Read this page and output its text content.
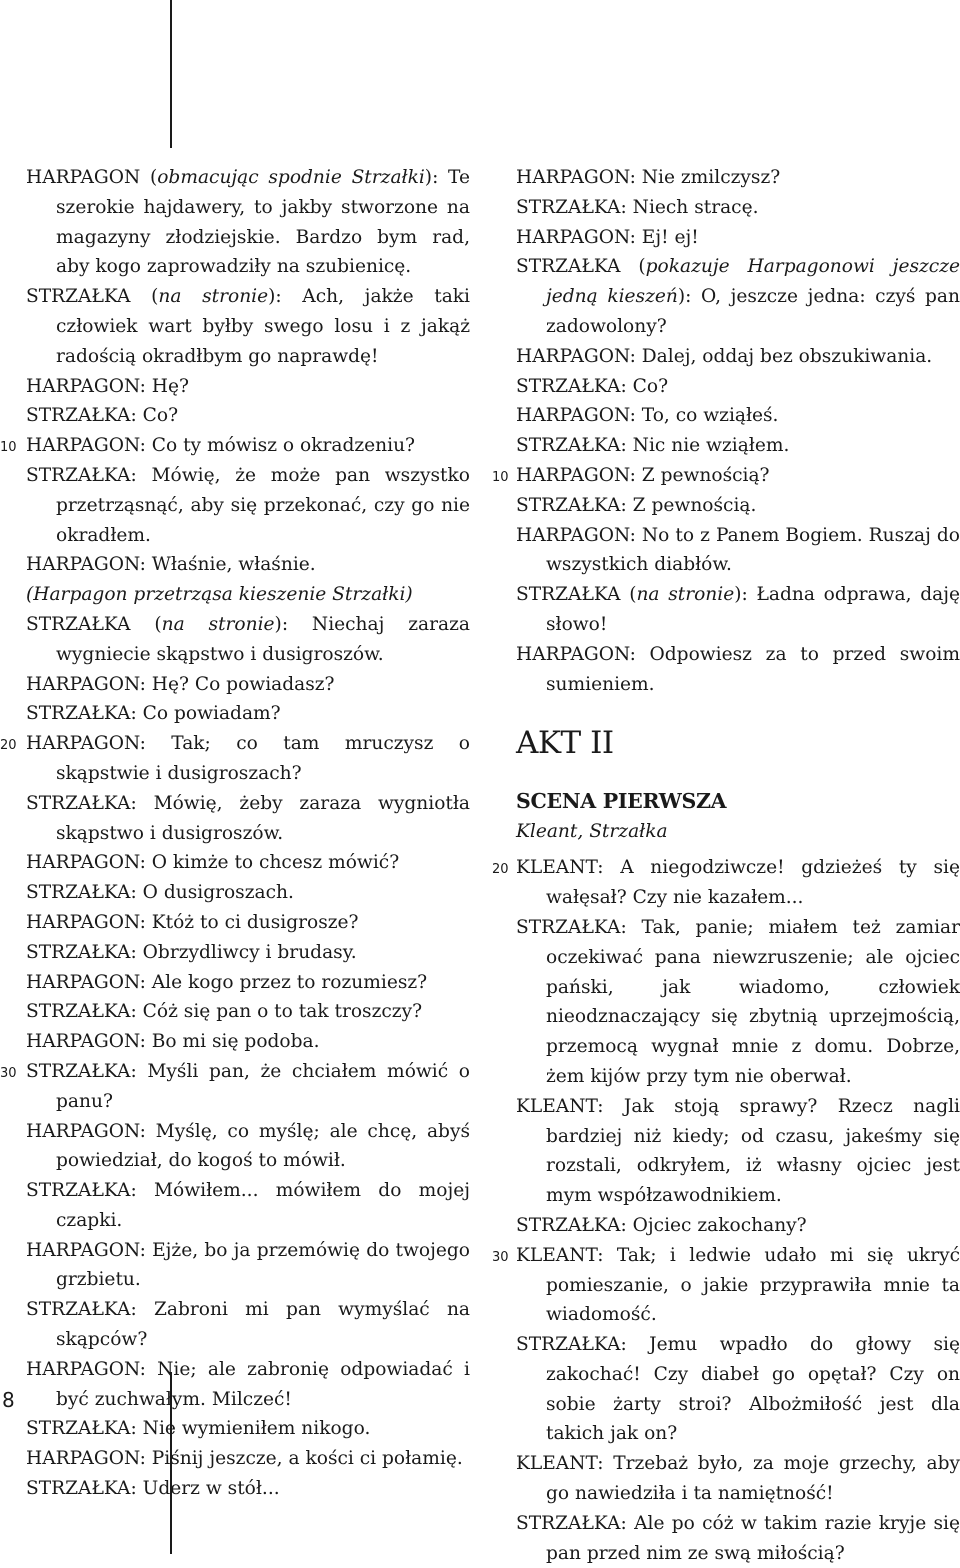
HARPAGON (obmacując spodnie Strzałki): Te szerokie hajdawery, to jakby stworzone na magazyny złodziejskie. Bardzo bym rad, aby kogo zaprowadziły na szubienicę.
STRZAŁKA (na stronie): Ach, jakże taki człowiek wart byłby swego losu i z jakąż radością okradłbym go naprawdę!
HARPAGON: Hę?
STRZAŁKA: Co?
HARPAGON: Co ty mówisz o okradzeniu?
10
STRZAŁKA: Mówię, że może pan wszystko przetrząsnąć, aby się przekonać, czy go nie okradłem.
HARPAGON: Właśnie, właśnie.
(Harpagon przetrząsa kieszenie Strzałki)
STRZAŁKA (na stronie): Niechaj zaraza wygniecie skąpstwo i dusigroszów.
HARPAGON: Hę? Co powiadasz?
STRZAŁKA: Co powiadam?
HARPAGON: Tak; co tam mruczysz o skąpstwie i dusigroszach?
20
STRZAŁKA: Mówię, żeby zaraza wygniotła skąpstwo i dusigroszów.
HARPAGON: O kimże to chcesz mówić?
STRZAŁKA: O dusigroszach.
HARPAGON: Któż to ci dusigrosze?
STRZAŁKA: Obrzydliwcy i brudasy.
HARPAGON: Ale kogo przez to rozumiesz?
STRZAŁKA: Cóż się pan o to tak troszczy?
HARPAGON: Bo mi się podoba.
STRZAŁKA: Myśli pan, że chciałem mówić o panu?
30
HARPAGON: Myślę, co myślę; ale chcę, abyś powiedział, do kogoś to mówił.
STRZAŁKA: Mówiłem... mówiłem do mojej czapki.
HARPAGON: Ejże, bo ja przemówię do twojego grzbietu.
STRZAŁKA: Zabroni mi pan wymyślać na skąpców?
HARPAGON: Nie; ale zabronię odpowiadać i być zuchwałym. Milczeć!
STRZAŁKA: Nie wymieniłem nikogo.
HARPAGON: Piśnij jeszcze, a kości ci połamię.
STRZAŁKA: Uderz w stół...
HARPAGON: Nie zmilczysz?
STRZAŁKA: Niech stracę.
HARPAGON: Ej! ej!
STRZAŁKA (pokazuje Harpagonowi jeszcze jedną kieszeń): O, jeszcze jedna: czyś pan zadowolony?
HARPAGON: Dalej, oddaj bez obszukiwania.
STRZAŁKA: Co?
HARPAGON: To, co wziąłeś.
STRZAŁKA: Nic nie wziąłem.
HARPAGON: Z pewnością?
10
STRZAŁKA: Z pewnością.
HARPAGON: No to z Panem Bogiem. Ruszaj do wszystkich diabłów.
STRZAŁKA (na stronie): Ładna odprawa, daję słowo!
HARPAGON: Odpowiesz za to przed swoim sumieniem.
AKT II
SCENA PIERWSZA
Kleant, Strzałka
KLEANT: A niegodziwcze! gdzieżeś ty się wałęsał? Czy nie kazałem...
20
STRZAŁKA: Tak, panie; miałem też zamiar oczekiwać pana niewzruszenie; ale ojciec pański, jak wiadomo, człowiek nieodznaczający się zbytnią uprzejmością, przemocą wygnał mnie z domu. Dobrze, żem kijów przy tym nie oberwał.
KLEANT: Jak stoją sprawy? Rzecz nagli bardziej niż kiedy; od czasu, jakeśmy się rozstali, odkryłem, iż własny ojciec jest mym współzawodnikiem.
STRZAŁKA: Ojciec zakochany?
KLEANT: Tak; i ledwie udało mi się ukryć pomieszanie, o jakie przyprawiła mnie ta wiadomość.
30
STRZAŁKA: Jemu wpadło do głowy się zakochać! Czy diabeł go opętał? Czy on sobie żarty stroi? Albożmiłość jest dla takich jak on?
KLEANT: Trzebaż było, za moje grzechy, aby go nawiedziła i ta namiętność!
STRZAŁKA: Ale po cóż w takim razie kryje się pan przed nim ze swą miłością?
8
